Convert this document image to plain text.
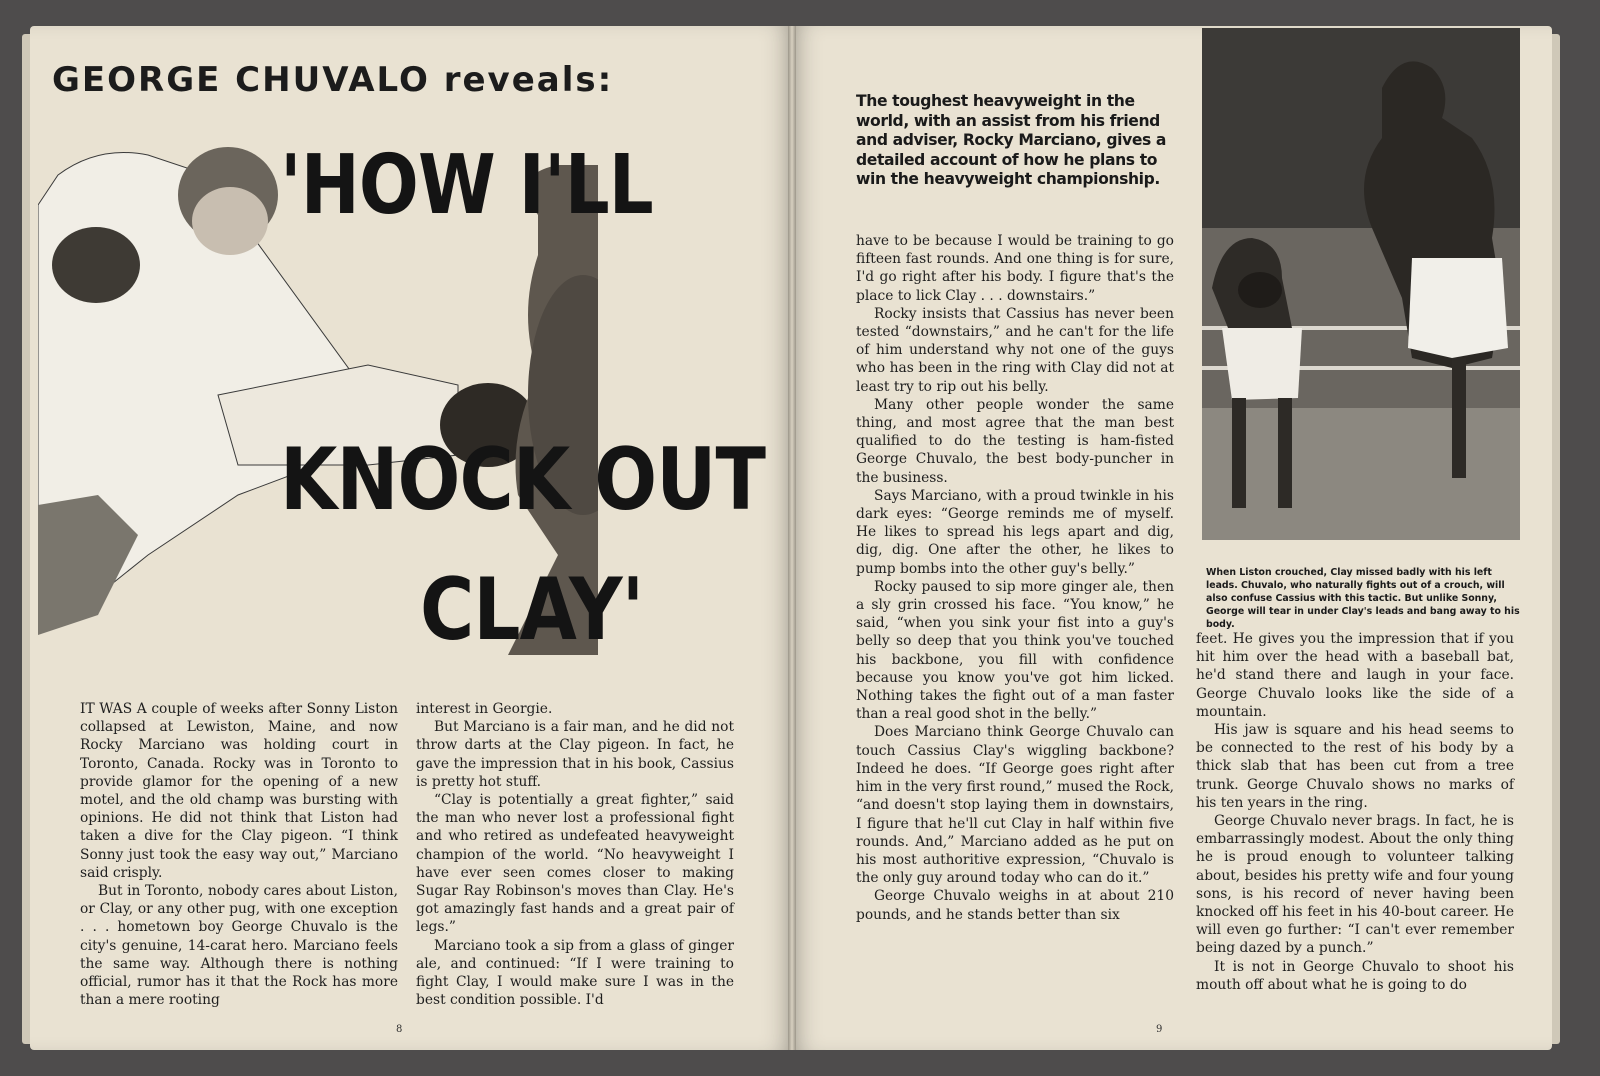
GEORGE CHUVALO reveals:
'HOW I'LL
KNOCK OUT
CLAY'

IT WAS A couple of weeks after Sonny Liston collapsed at Lewiston, Maine, and now Rocky Marciano was holding court in Toronto, Canada. Rocky was in Toronto to provide glamor for the opening of a new motel, and the old champ was bursting with opinions. He did not think that Liston had taken a dive for the Clay pigeon. “I think Sonny just took the easy way out,” Marciano said crisply.

But in Toronto, nobody cares about Liston, or Clay, or any other pug, with one exception . . . hometown boy George Chuvalo is the city's genuine, 14-carat hero. Marciano feels the same way. Although there is nothing official, rumor has it that the Rock has more than a mere rooting

interest in Georgie.

But Marciano is a fair man, and he did not throw darts at the Clay pigeon. In fact, he gave the impression that in his book, Cassius is pretty hot stuff.

“Clay is potentially a great fighter,” said the man who never lost a professional fight and who retired as undefeated heavyweight champion of the world. “No heavyweight I have ever seen comes closer to making Sugar Ray Robinson's moves than Clay. He's got amazingly fast hands and a great pair of legs.”

Marciano took a sip from a glass of ginger ale, and continued: “If I were training to fight Clay, I would make sure I was in the best condition possible. I'd

8
The toughest heavyweight in the world, with an assist from his friend and adviser, Rocky Marciano, gives a detailed account of how he plans to win the heavyweight championship.
When Liston crouched, Clay missed badly with his left leads. Chuvalo, who naturally fights out of a crouch, will also confuse Cassius with this tactic. But unlike Sonny, George will tear in under Clay's leads and bang away to his body.

have to be because I would be training to go fifteen fast rounds. And one thing is for sure, I'd go right after his body. I figure that's the place to lick Clay . . . downstairs.”

Rocky insists that Cassius has never been tested “downstairs,” and he can't for the life of him understand why not one of the guys who has been in the ring with Clay did not at least try to rip out his belly.

Many other people wonder the same thing, and most agree that the man best qualified to do the testing is ham-fisted George Chuvalo, the best body-puncher in the business.

Says Marciano, with a proud twinkle in his dark eyes: “George reminds me of myself. He likes to spread his legs apart and dig, dig, dig. One after the other, he likes to pump bombs into the other guy's belly.”

Rocky paused to sip more ginger ale, then a sly grin crossed his face. “You know,” he said, “when you sink your fist into a guy's belly so deep that you think you've touched his backbone, you fill with confidence because you know you've got him licked. Nothing takes the fight out of a man faster than a real good shot in the belly.”

Does Marciano think George Chuvalo can touch Cassius Clay's wiggling backbone? Indeed he does. “If George goes right after him in the very first round,” mused the Rock, “and doesn't stop laying them in downstairs, I figure that he'll cut Clay in half within five rounds. And,” Marciano added as he put on his most authoritive expression, “Chuvalo is the only guy around today who can do it.”

George Chuvalo weighs in at about 210 pounds, and he stands better than six

feet. He gives you the impression that if you hit him over the head with a baseball bat, he'd stand there and laugh in your face. George Chuvalo looks like the side of a mountain.

His jaw is square and his head seems to be connected to the rest of his body by a thick slab that has been cut from a tree trunk. George Chuvalo shows no marks of his ten years in the ring.

George Chuvalo never brags. In fact, he is embarrassingly modest. About the only thing he is proud enough to volunteer talking about, besides his pretty wife and four young sons, is his record of never having been knocked off his feet in his 40-bout career. He will even go further: “I can't ever remember being dazed by a punch.”

It is not in George Chuvalo to shoot his mouth off about what he is going to do

9
